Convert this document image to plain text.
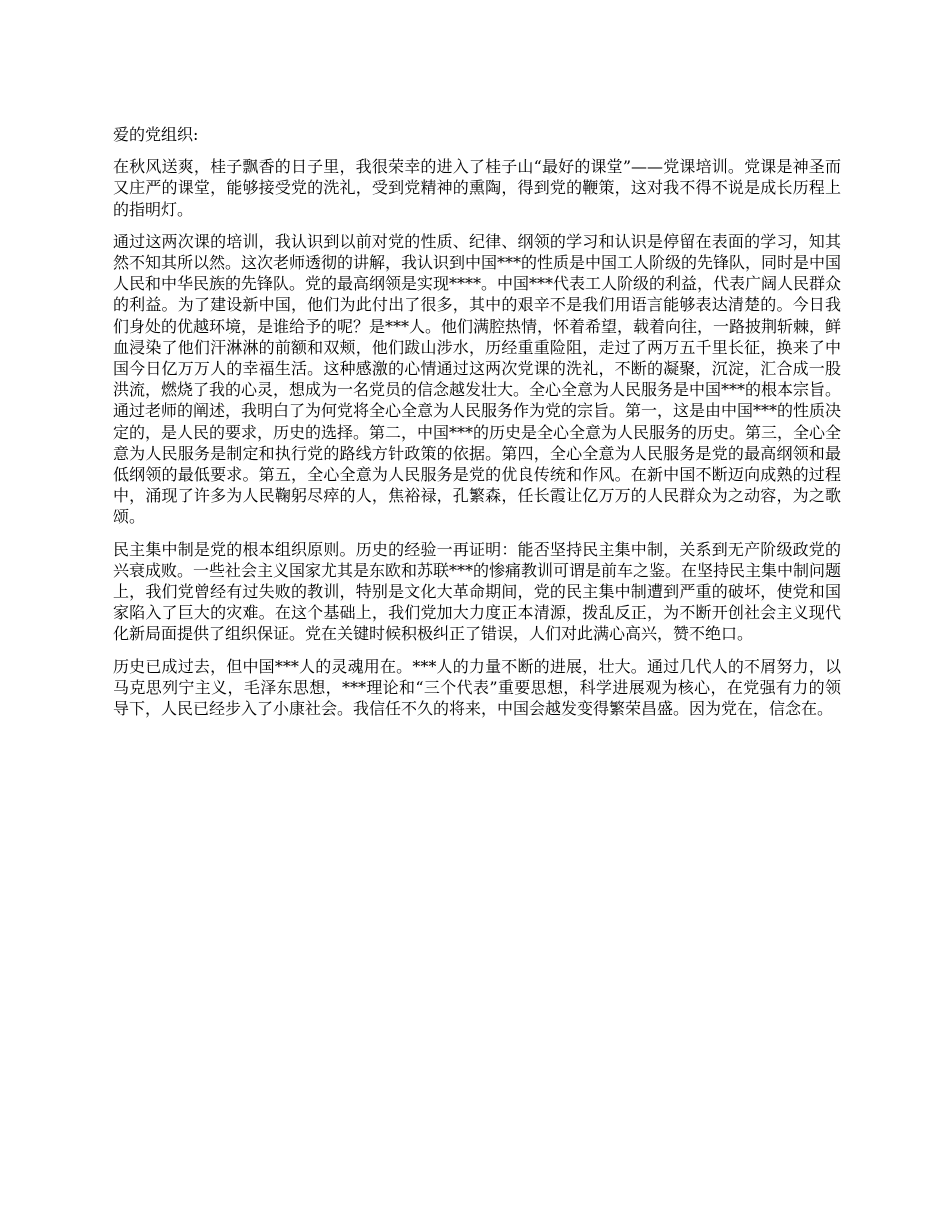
爱的党组织:

在秋风送爽，桂子飘香的日子里，我很荣幸的进入了桂子山“最好的课堂”——党课培训。党课是神圣而又庄严的课堂，能够接受党的洗礼，受到党精神的熏陶，得到党的鞭策，这对我不得不说是成长历程上的指明灯。

通过这两次课的培训，我认识到以前对党的性质、纪律、纲领的学习和认识是停留在表面的学习，知其然不知其所以然。这次老师透彻的讲解，我认识到中国***的性质是中国工人阶级的先锋队，同时是中国人民和中华民族的先锋队。党的最高纲领是实现****。中国***代表工人阶级的利益，代表广阔人民群众的利益。为了建设新中国，他们为此付出了很多，其中的艰辛不是我们用语言能够表达清楚的。今日我们身处的优越环境，是谁给予的呢？是***人。他们满腔热情，怀着希望，载着向往，一路披荆斩棘，鲜血浸染了他们汗淋淋的前额和双颊，他们跋山涉水，历经重重险阻，走过了两万五千里长征，换来了中国今日亿万万人的幸福生活。这种感激的心情通过这两次党课的洗礼，不断的凝聚，沉淀，汇合成一股洪流，燃烧了我的心灵，想成为一名党员的信念越发壮大。全心全意为人民服务是中国***的根本宗旨。通过老师的阐述，我明白了为何党将全心全意为人民服务作为党的宗旨。第一，这是由中国***的性质决定的，是人民的要求，历史的选择。第二，中国***的历史是全心全意为人民服务的历史。第三，全心全意为人民服务是制定和执行党的路线方针政策的依据。第四，全心全意为人民服务是党的最高纲领和最低纲领的最低要求。第五，全心全意为人民服务是党的优良传统和作风。在新中国不断迈向成熟的过程中，涌现了许多为人民鞠躬尽瘁的人，焦裕禄，孔繁森，任长霞让亿万万的人民群众为之动容，为之歌颂。

民主集中制是党的根本组织原则。历史的经验一再证明：能否坚持民主集中制，关系到无产阶级政党的兴衰成败。一些社会主义国家尤其是东欧和苏联***的惨痛教训可谓是前车之鉴。在坚持民主集中制问题上，我们党曾经有过失败的教训，特别是文化大革命期间，党的民主集中制遭到严重的破坏，使党和国家陷入了巨大的灾难。在这个基础上，我们党加大力度正本清源，拨乱反正，为不断开创社会主义现代化新局面提供了组织保证。党在关键时候积极纠正了错误，人们对此满心高兴，赞不绝口。

历史已成过去，但中国***人的灵魂用在。***人的力量不断的进展，壮大。通过几代人的不屑努力，以马克思列宁主义，毛泽东思想，***理论和“三个代表”重要思想，科学进展观为核心，在党强有力的领导下，人民已经步入了小康社会。我信任不久的将来，中国会越发变得繁荣昌盛。因为党在，信念在。
